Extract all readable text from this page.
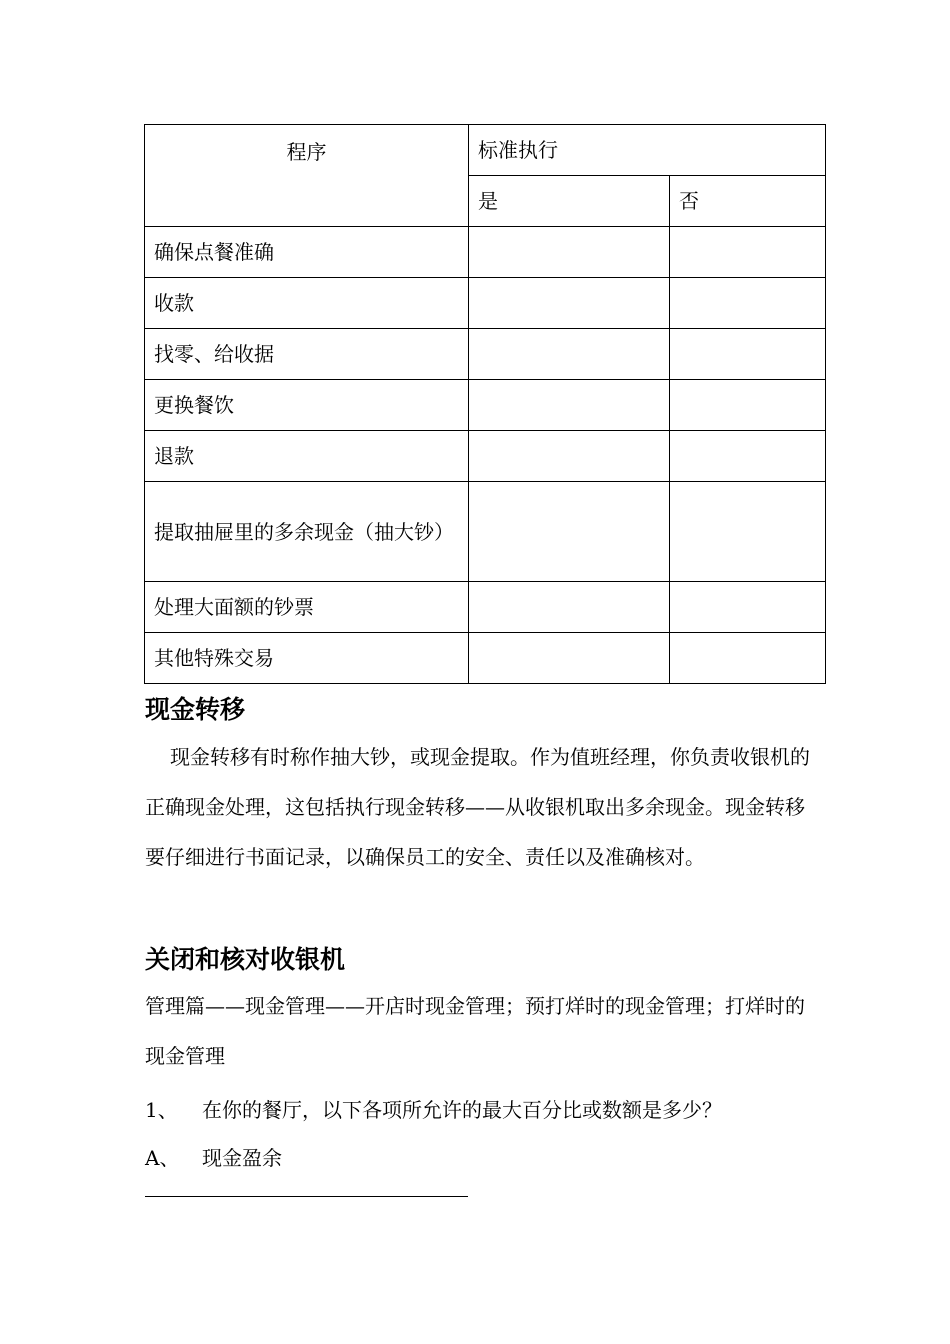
程序	标准执行	
	是	否
确保点餐准确		
收款		
找零、给收据		
更换餐饮		
退款		
提取抽屉里的多余现金（抽大钞）		
处理大面额的钞票		
其他特殊交易		
现金转移
现金转移有时称作抽大钞，或现金提取。作为值班经理，你负责收银机的正确现金处理，这包括执行现金转移——从收银机取出多余现金。现金转移要仔细进行书面记录，以确保员工的安全、责任以及准确核对。
关闭和核对收银机
管理篇——现金管理——开店时现金管理；预打烊时的现金管理；打烊时的现金管理
1、 在你的餐厅，以下各项所允许的最大百分比或数额是多少？
A、 现金盈余
